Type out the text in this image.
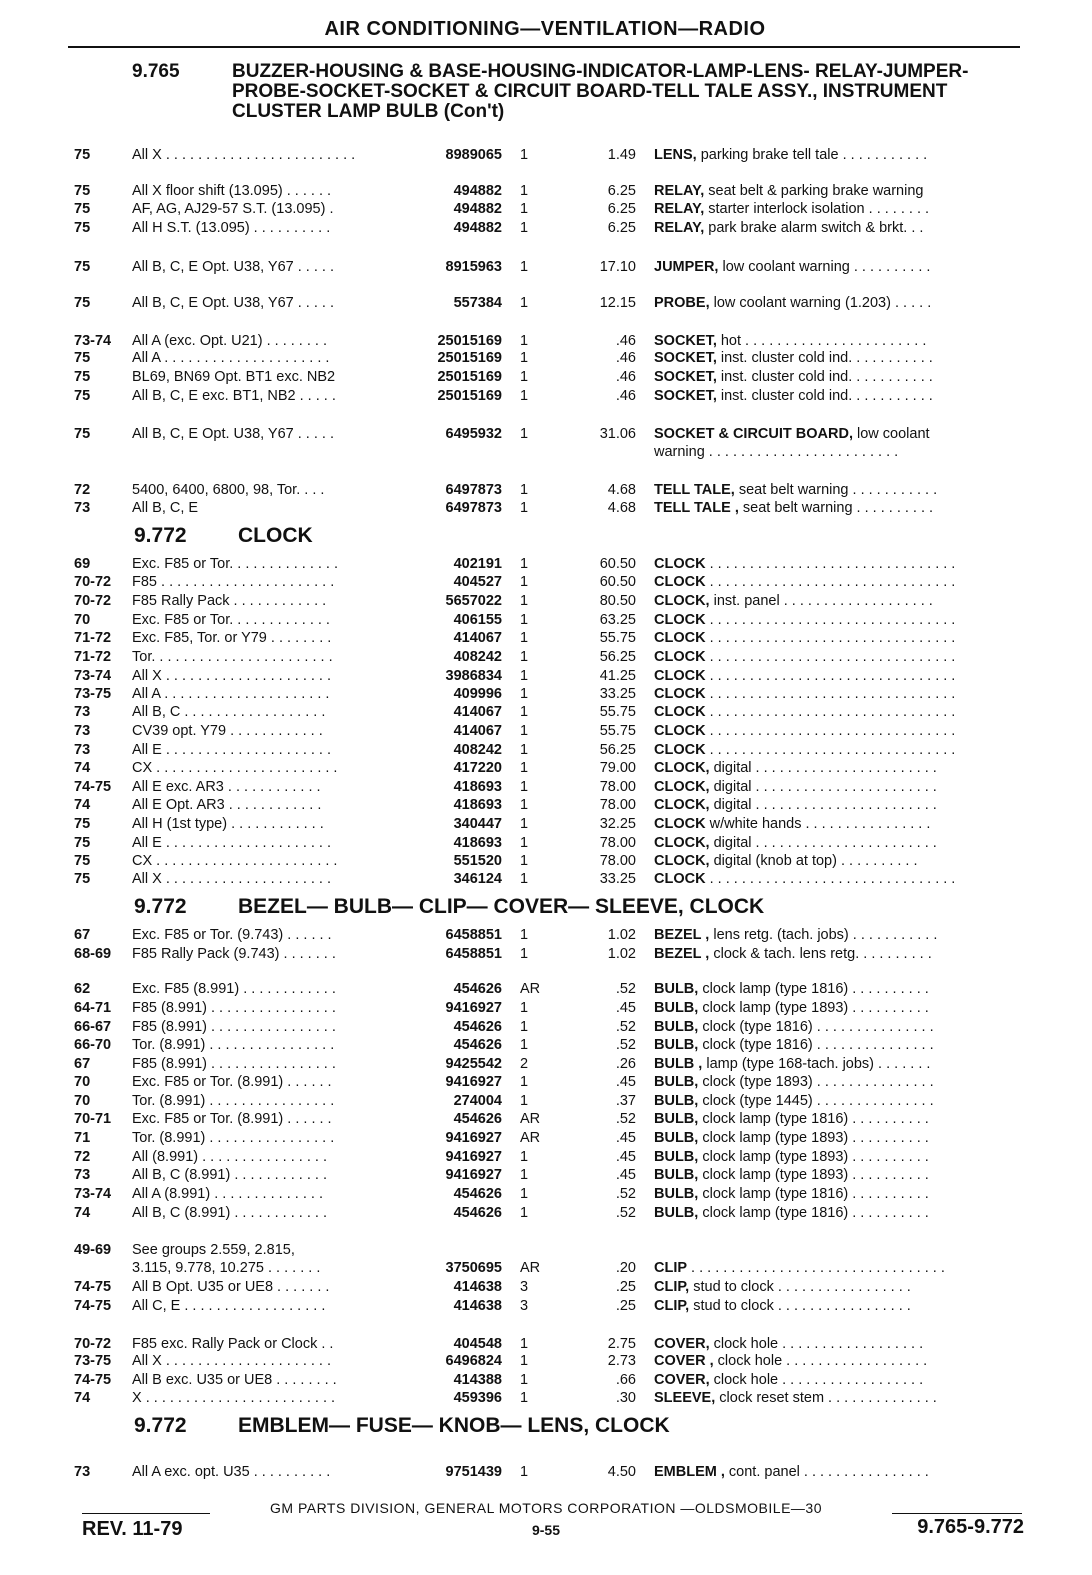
AIR CONDITIONING—VENTILATION—RADIO
9.765	BUZZER-HOUSING & BASE-HOUSING-INDICATOR-LAMP-LENS- RELAY-JUMPER-PROBE-SOCKET-SOCKET & CIRCUIT BOARD-TELL TALE ASSY., INSTRUMENT CLUSTER LAMP BULB (Con't)
9.772 CLOCK
9.772 BEZEL— BULB— CLIP— COVER— SLEEVE, CLOCK
9.772 EMBLEM— FUSE— KNOB— LENS, CLOCK
75	All X . . . . . . . . . . . . . . . . . . . . . . . .	8989065 1	1.49 LENS, parking brake tell tale . . . . . . . . . . .
75	All X floor shift (13.095) . . . . . .	494882 1	6.25 RELAY, seat belt & parking brake warning
75	AF, AG, AJ29-57 S.T. (13.095) .	494882 1	6.25 RELAY, starter interlock isolation . . . . . . . .
75	All H S.T. (13.095) . . . . . . . . . .	494882 1	6.25 RELAY, park brake alarm switch & brkt. . .
75	All B, C, E Opt. U38, Y67 . . . . .	8915963 1	17.10 JUMPER, low coolant warning . . . . . . . . . .
75	All B, C, E Opt. U38, Y67 . . . . .	557384 1	12.15 PROBE, low coolant warning (1.203) . . . . .
73-74 All A (exc. Opt. U21) . . . . . . . .	25015169 1	.46 SOCKET, hot . . . . . . . . . . . . . . . . . . . . . . .
75	All A . . . . . . . . . . . . . . . . . . . . .	25015169 1	.46 SOCKET, inst. cluster cold ind. . . . . . . . . . .
75	BL69, BN69 Opt. BT1 exc. NB2	25015169 1	.46 SOCKET, inst. cluster cold ind. . . . . . . . . . .
75	All B, C, E exc. BT1, NB2 . . . . .	25015169 1	.46 SOCKET, inst. cluster cold ind. . . . . . . . . . .
75	All B, C, E Opt. U38, Y67 . . . . .	6495932 1	31.06 SOCKET & CIRCUIT BOARD, low coolant
warning . . . . . . . . . . . . . . . . . . . . . . . .
72	5400, 6400, 6800, 98, Tor. . . .	6497873 1	4.68 TELL TALE, seat belt warning . . . . . . . . . . .
73	All B, C, E	6497873 1	4.68 TELL TALE , seat belt warning . . . . . . . . . .
69	Exc. F85 or Tor. . . . . . . . . . . . . .	402191 1	60.50 CLOCK . . . . . . . . . . . . . . . . . . . . . . . . . . . . . . .
70-72 F85 . . . . . . . . . . . . . . . . . . . . . .	404527 1	60.50 CLOCK . . . . . . . . . . . . . . . . . . . . . . . . . . . . . . .
70-72 F85 Rally Pack . . . . . . . . . . . .	5657022 1	80.50 CLOCK, inst. panel . . . . . . . . . . . . . . . . . . .
70	Exc. F85 or Tor. . . . . . . . . . . . .	406155 1	63.25 CLOCK . . . . . . . . . . . . . . . . . . . . . . . . . . . . . . .
71-72 Exc. F85, Tor. or Y79 . . . . . . . .	414067 1	55.75 CLOCK . . . . . . . . . . . . . . . . . . . . . . . . . . . . . . .
71-72 Tor. . . . . . . . . . . . . . . . . . . . . . .	408242 1	56.25 CLOCK . . . . . . . . . . . . . . . . . . . . . . . . . . . . . . .
73-74 All X . . . . . . . . . . . . . . . . . . . . .	3986834 1	41.25 CLOCK . . . . . . . . . . . . . . . . . . . . . . . . . . . . . . .
73-75 All A . . . . . . . . . . . . . . . . . . . . .	409996 1	33.25 CLOCK . . . . . . . . . . . . . . . . . . . . . . . . . . . . . . .
73	All B, C . . . . . . . . . . . . . . . . . .	414067 1	55.75 CLOCK . . . . . . . . . . . . . . . . . . . . . . . . . . . . . . .
73	CV39 opt. Y79 . . . . . . . . . . . .	414067 1	55.75 CLOCK . . . . . . . . . . . . . . . . . . . . . . . . . . . . . . .
73	All E . . . . . . . . . . . . . . . . . . . . .	408242 1	56.25 CLOCK . . . . . . . . . . . . . . . . . . . . . . . . . . . . . . .
74	CX . . . . . . . . . . . . . . . . . . . . . . .	417220 1	79.00 CLOCK, digital . . . . . . . . . . . . . . . . . . . . . . .
74-75 All E exc. AR3 . . . . . . . . . . . .	418693 1	78.00 CLOCK, digital . . . . . . . . . . . . . . . . . . . . . . .
74	All E Opt. AR3 . . . . . . . . . . . .	418693 1	78.00 CLOCK, digital . . . . . . . . . . . . . . . . . . . . . . .
75	All H (1st type) . . . . . . . . . . . .	340447 1	32.25 CLOCK w/white hands . . . . . . . . . . . . . . . .
75	All E . . . . . . . . . . . . . . . . . . . . .	418693 1	78.00 CLOCK, digital . . . . . . . . . . . . . . . . . . . . . . .
75	CX . . . . . . . . . . . . . . . . . . . . . . .	551520 1	78.00 CLOCK, digital (knob at top) . . . . . . . . . .
75	All X . . . . . . . . . . . . . . . . . . . . .	346124 1	33.25 CLOCK . . . . . . . . . . . . . . . . . . . . . . . . . . . . . . .
67	Exc. F85 or Tor. (9.743) . . . . . .	6458851 1	1.02 BEZEL , lens retg. (tach. jobs) . . . . . . . . . . .
68-69 F85 Rally Pack (9.743) . . . . . . .	6458851 1	1.02 BEZEL , clock & tach. lens retg. . . . . . . . . .
62	Exc. F85 (8.991) . . . . . . . . . . . .	454626 AR	.52 BULB, clock lamp (type 1816) . . . . . . . . . .
64-71 F85 (8.991) . . . . . . . . . . . . . . . .	9416927 1	.45 BULB, clock lamp (type 1893) . . . . . . . . . .
66-67 F85 (8.991) . . . . . . . . . . . . . . . .	454626 1	.52 BULB, clock (type 1816) . . . . . . . . . . . . . . .
66-70 Tor. (8.991) . . . . . . . . . . . . . . . .	454626 1	.52 BULB, clock (type 1816) . . . . . . . . . . . . . . .
67	F85 (8.991) . . . . . . . . . . . . . . . .	9425542 2	.26 BULB , lamp (type 168-tach. jobs) . . . . . . .
70	Exc. F85 or Tor. (8.991) . . . . . .	9416927 1	.45 BULB, clock (type 1893) . . . . . . . . . . . . . . .
70	Tor. (8.991) . . . . . . . . . . . . . . . .	274004 1	.37 BULB, clock (type 1445) . . . . . . . . . . . . . . .
70-71 Exc. F85 or Tor. (8.991) . . . . . .	454626 AR	.52 BULB, clock lamp (type 1816) . . . . . . . . . .
71	Tor. (8.991) . . . . . . . . . . . . . . . .	9416927 AR	.45 BULB, clock lamp (type 1893) . . . . . . . . . .
72	All (8.991) . . . . . . . . . . . . . . . .	9416927 1	.45 BULB, clock lamp (type 1893) . . . . . . . . . .
73	All B, C (8.991) . . . . . . . . . . . .	9416927 1	.45 BULB, clock lamp (type 1893) . . . . . . . . . .
73-74 All A (8.991) . . . . . . . . . . . . . .	454626 1	.52 BULB, clock lamp (type 1816) . . . . . . . . . .
74	All B, C (8.991) . . . . . . . . . . . .	454626 1	.52 BULB, clock lamp (type 1816) . . . . . . . . . .
49-69 See groups 2.559, 2.815,
3.115, 9.778, 10.275 . . . . . . .	3750695 AR	.20 CLIP . . . . . . . . . . . . . . . . . . . . . . . . . . . . . . . .
74-75 All B Opt. U35 or UE8 . . . . . . .	414638 3	.25 CLIP, stud to clock . . . . . . . . . . . . . . . . .
74-75 All C, E . . . . . . . . . . . . . . . . . .	414638 3	.25 CLIP, stud to clock . . . . . . . . . . . . . . . . .
70-72 F85 exc. Rally Pack or Clock . .	404548 1	2.75 COVER, clock hole . . . . . . . . . . . . . . . . . .
73-75 All X . . . . . . . . . . . . . . . . . . . . .	6496824 1	2.73 COVER , clock hole . . . . . . . . . . . . . . . . . .
74-75 All B exc. U35 or UE8 . . . . . . . .	414388 1	.66 COVER, clock hole . . . . . . . . . . . . . . . . . .
74	X . . . . . . . . . . . . . . . . . . . . . . . .	459396 1	.30 SLEEVE, clock reset stem . . . . . . . . . . . . . .
73	All A exc. opt. U35 . . . . . . . . . .	9751439 1	4.50 EMBLEM , cont. panel . . . . . . . . . . . . . . . .
GM PARTS DIVISION, GENERAL MOTORS CORPORATION —OLDSMOBILE—30
REV. 11-79	9-55	9.765-9.772
